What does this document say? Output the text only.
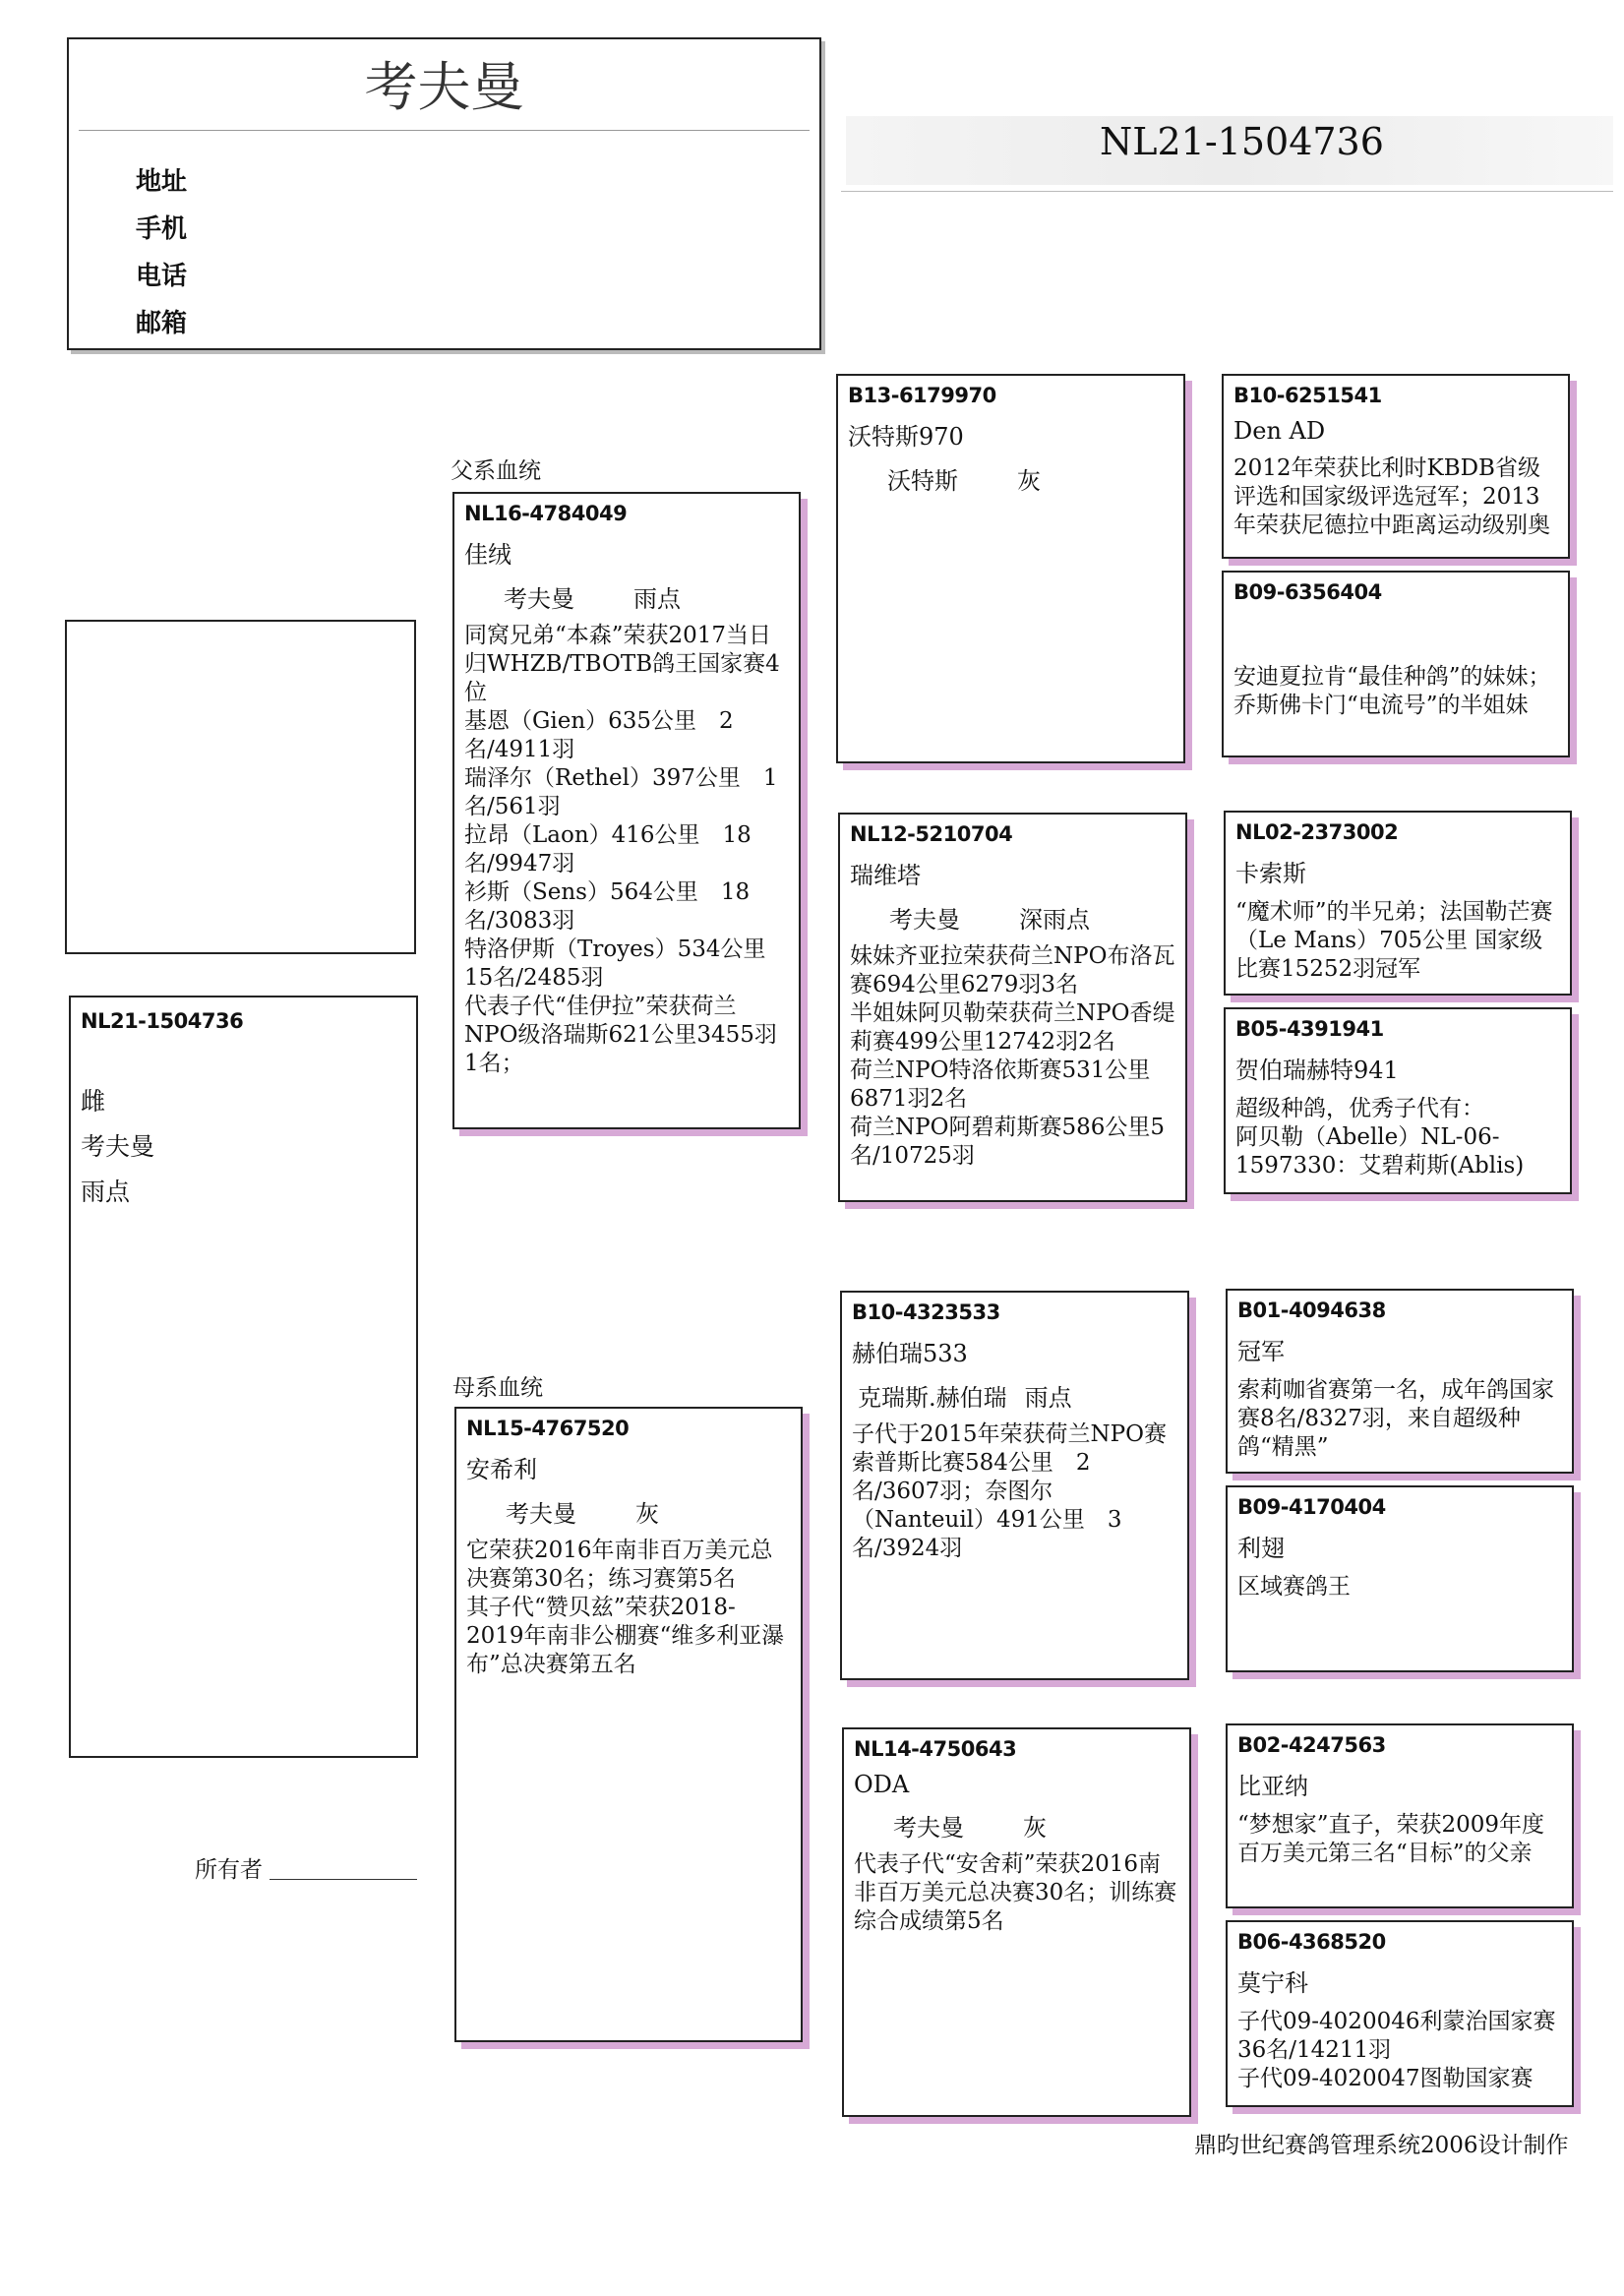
考夫曼
地址
手机
电话
邮箱
NL21-1504736
NL21-1504736
雌
考夫曼
雨点
父系血统
母系血统
所有者
鼎昀世纪赛鸽管理系统2006设计制作
NL16-4784049
佳绒
考夫曼	雨点
同窝兄弟“本森”荣获2017当日归WHZB/TBOTB鸽王国家赛4位
基恩（Gien）635公里　2名/4911羽
瑞泽尔（Rethel）397公里　1名/561羽
拉昂（Laon）416公里　18名/9947羽
衫斯（Sens）564公里　18名/3083羽
特洛伊斯（Troyes）534公里　15名/2485羽
代表子代“佳伊拉”荣获荷兰NPO级洛瑞斯621公里3455羽1名；
NL15-4767520
安希利
考夫曼	灰
它荣获2016年南非百万美元总决赛第30名；练习赛第5名
其子代“赞贝兹”荣获2018-2019年南非公棚赛“维多利亚瀑布”总决赛第五名
B13-6179970
沃特斯970
沃特斯	灰
NL12-5210704
瑞维塔
考夫曼	深雨点
妹妹齐亚拉荣获荷兰NPO布洛瓦赛694公里6279羽3名
半姐妹阿贝勒荣获荷兰NPO香缇莉赛499公里12742羽2名
荷兰NPO特洛依斯赛531公里6871羽2名
荷兰NPO阿碧莉斯赛586公里5名/10725羽
B10-4323533
赫伯瑞533
克瑞斯.赫伯瑞 雨点
子代于2015年荣获荷兰NPO赛索普斯比赛584公里　2名/3607羽；奈图尔（Nanteuil）491公里　3名/3924羽
NL14-4750643
ODA
考夫曼	灰
代表子代“安舍莉”荣获2016南非百万美元总决赛30名；训练赛综合成绩第5名
B10-6251541
Den AD
2012年荣获比利时KBDB省级评选和国家级评选冠军；2013年荣获尼德拉中距离运动级别奥
B09-6356404
安迪夏拉肯“最佳种鸽”的妹妹；乔斯佛卡门“电流号”的半姐妹
NL02-2373002
卡索斯
“魔术师”的半兄弟；法国勒芒赛（Le Mans）705公里 国家级比赛15252羽冠军
B05-4391941
贺伯瑞赫特941
超级种鸽，优秀子代有：
阿贝勒（Abelle）NL-06-1597330：艾碧莉斯(Ablis)
B01-4094638
冠军
索莉咖省赛第一名，成年鸽国家赛8名/8327羽，来自超级种鸽“精黑”
B09-4170404
利翅
区域赛鸽王
B02-4247563
比亚纳
“梦想家”直子，荣获2009年度百万美元第三名“目标”的父亲
B06-4368520
莫宁科
子代09-4020046利蒙治国家赛36名/14211羽
子代09-4020047图勒国家赛
